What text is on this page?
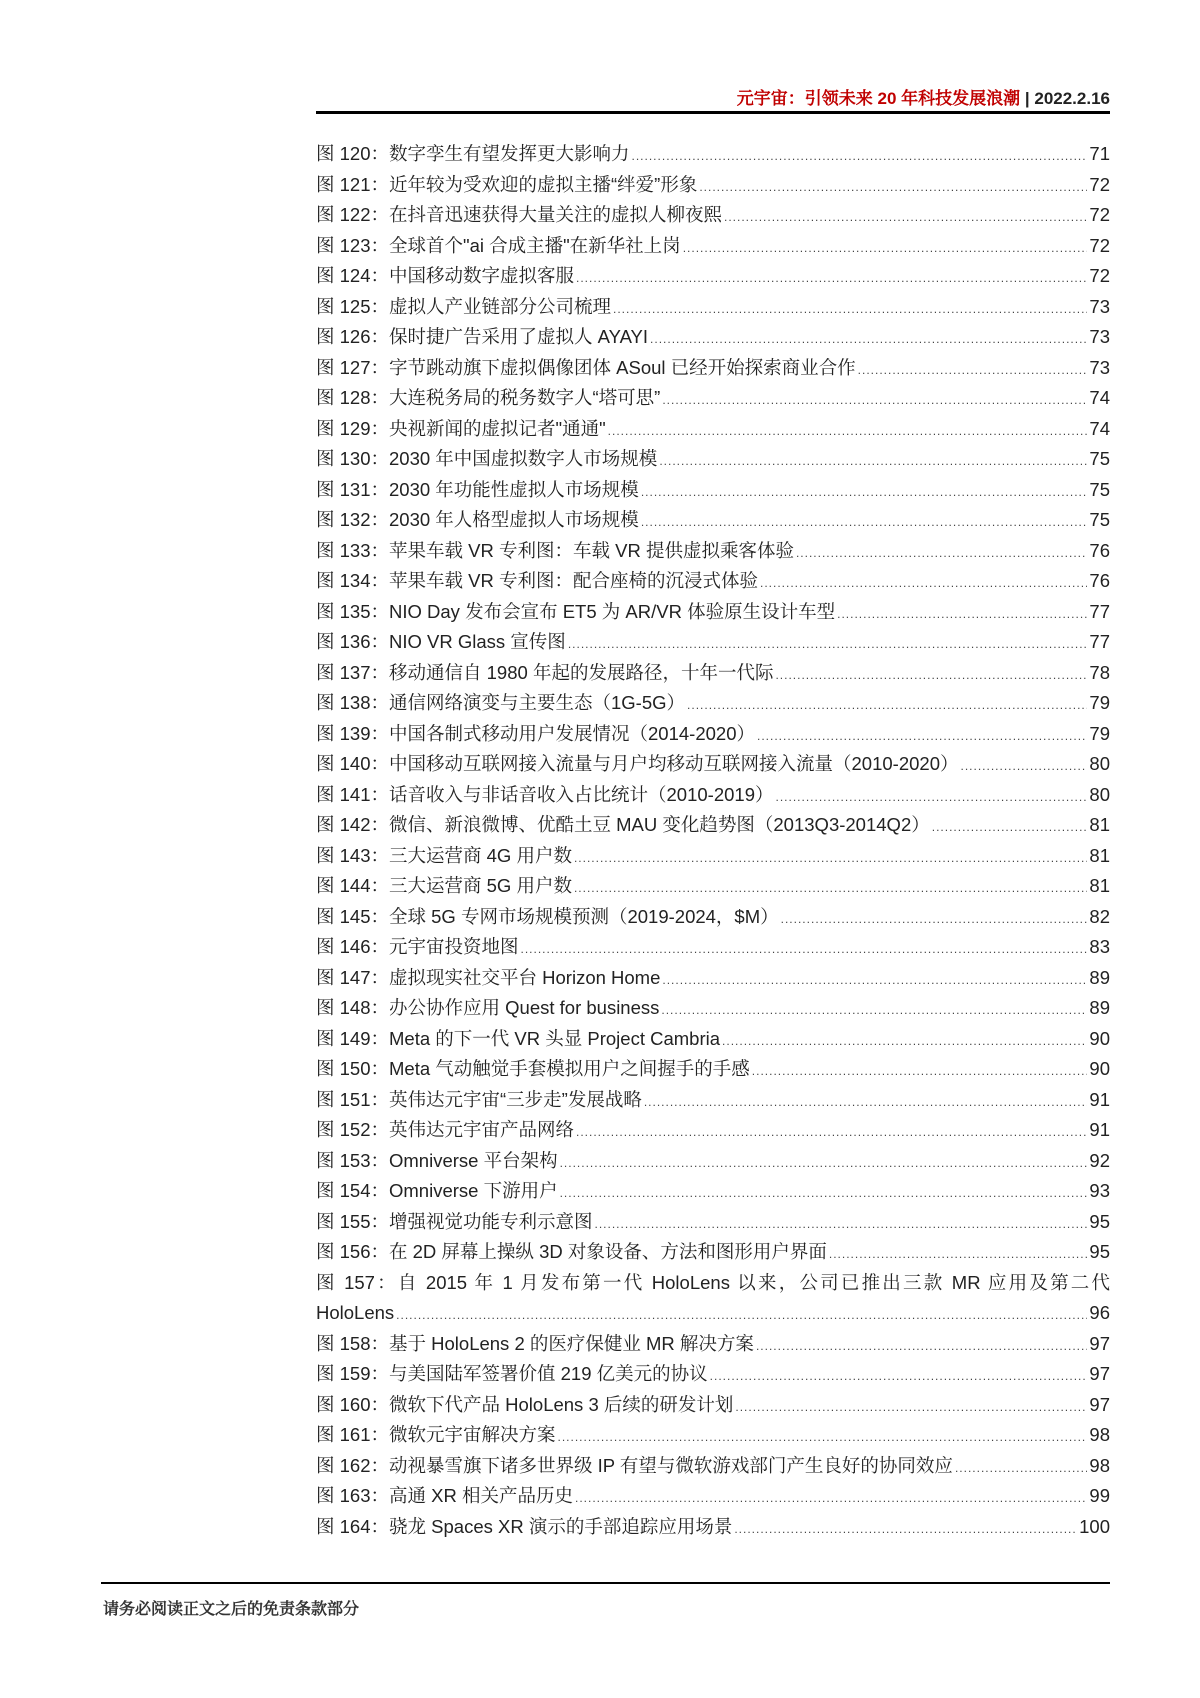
元宇宙：引领未来 20 年科技发展浪潮 | 2022.2.16
图 120：数字孪生有望发挥更大影响力 .....	71
图 121：近年较为受欢迎的虚拟主播“绊爱”形象 .....	72
图 122：在抖音迅速获得大量关注的虚拟人柳夜熙 .....	72
图 123：全球首个"ai 合成主播"在新华社上岗 .....	72
图 124：中国移动数字虚拟客服 .....	72
图 125：虚拟人产业链部分公司梳理 .....	73
图 126：保时捷广告采用了虚拟人 AYAYI .....	73
图 127：字节跳动旗下虚拟偶像团体 ASoul 已经开始探索商业合作 .....	73
图 128：大连税务局的税务数字人“塔可思” .....	74
图 129：央视新闻的虚拟记者"通通" .....	74
图 130：2030 年中国虚拟数字人市场规模 .....	75
图 131：2030 年功能性虚拟人市场规模 .....	75
图 132：2030 年人格型虚拟人市场规模 .....	75
图 133：苹果车载 VR 专利图：车载 VR 提供虚拟乘客体验 .....	76
图 134：苹果车载 VR 专利图：配合座椅的沉浸式体验 .....	76
图 135：NIO Day 发布会宣布 ET5 为 AR/VR 体验原生设计车型 .....	77
图 136：NIO VR Glass 宣传图 .....	77
图 137：移动通信自 1980 年起的发展路径，十年一代际 .....	78
图 138：通信网络演变与主要生态（1G-5G） .....	79
图 139：中国各制式移动用户发展情况（2014-2020） .....	79
图 140：中国移动互联网接入流量与月户均移动互联网接入流量（2010-2020） .....	80
图 141：话音收入与非话音收入占比统计（2010-2019） .....	80
图 142：微信、新浪微博、优酷土豆 MAU 变化趋势图（2013Q3-2014Q2） .....	81
图 143：三大运营商 4G 用户数 .....	81
图 144：三大运营商 5G 用户数 .....	81
图 145：全球 5G 专网市场规模预测（2019-2024，$M） .....	82
图 146：元宇宙投资地图 .....	83
图 147：虚拟现实社交平台 Horizon Home .....	89
图 148：办公协作应用 Quest for business .....	89
图 149：Meta 的下一代 VR 头显 Project Cambria .....	90
图 150：Meta 气动触觉手套模拟用户之间握手的手感 .....	90
图 151：英伟达元宇宙“三步走”发展战略 .....	91
图 152：英伟达元宇宙产品网络 .....	91
图 153：Omniverse 平台架构 .....	92
图 154：Omniverse 下游用户 .....	93
图 155：增强视觉功能专利示意图 .....	95
图 156：在 2D 屏幕上操纵 3D 对象设备、方法和图形用户界面 .....	95
图 157：自 2015 年 1 月发布第一代 HoloLens 以来，公司已推出三款 MR 应用及第二代
HoloLens .....	96
图 158：基于 HoloLens 2 的医疗保健业 MR 解决方案 .....	97
图 159：与美国陆军签署价值 219 亿美元的协议 .....	97
图 160：微软下代产品 HoloLens 3 后续的研发计划 .....	97
图 161：微软元宇宙解决方案 .....	98
图 162：动视暴雪旗下诸多世界级 IP 有望与微软游戏部门产生良好的协同效应 .....	98
图 163：高通 XR 相关产品历史 .....	99
图 164：骁龙 Spaces XR 演示的手部追踪应用场景 .....	100
请务必阅读正文之后的免责条款部分
